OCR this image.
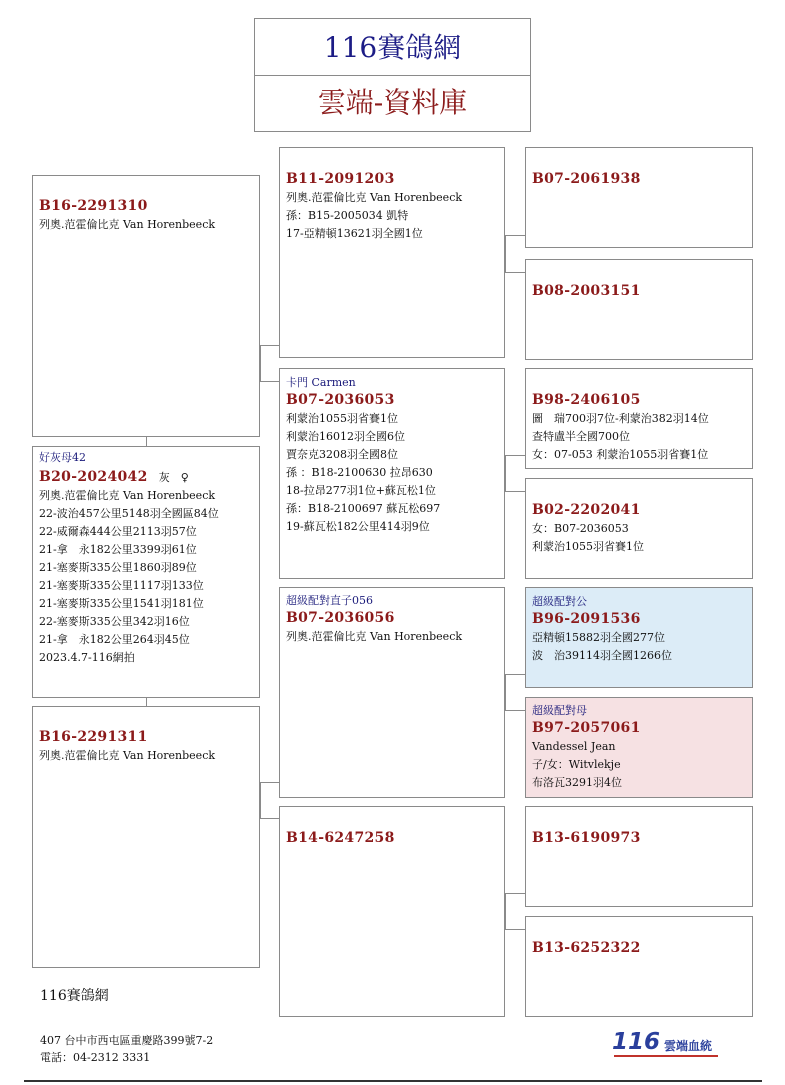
116賽鴿網
雲端-資料庫
B16-2291310
列奧.范霍倫比克 Van Horenbeeck
好灰母42
B20-2024042 灰　♀
列奧.范霍倫比克 Van Horenbeeck
22-波治457公里5148羽全國區84位
22-威爾森444公里2113羽57位
21-拿　永182公里3399羽61位
21-塞麥斯335公里1860羽89位
21-塞麥斯335公里1117羽133位
21-塞麥斯335公里1541羽181位
22-塞麥斯335公里342羽16位
21-拿　永182公里264羽45位
2023.4.7-116網拍
B16-2291311
列奧.范霍倫比克 Van Horenbeeck
B11-2091203
列奧.范霍倫比克 Van Horenbeeck
孫：B15-2005034 凱特
17-亞精頓13621羽全國1位
卡門 Carmen
B07-2036053
利蒙治1055羽省賽1位
利蒙治16012羽全國6位
賈奈克3208羽全國8位
孫 ：B18-2100630 拉昂630
18-拉昂277羽1位+蘇瓦松1位
孫：B18-2100697 蘇瓦松697
19-蘇瓦松182公里414羽9位
超級配對直子056
B07-2036056
列奧.范霍倫比克 Van Horenbeeck
B14-6247258
B07-2061938
B08-2003151
B98-2406105
圖　瑞700羽7位-利蒙治382羽14位
查特盧半全國700位
女：07-053 利蒙治1055羽省賽1位
B02-2202041
女：B07-2036053
利蒙治1055羽省賽1位
超級配對公
B96-2091536
亞精頓15882羽全國277位
波　治39114羽全國1266位
超級配對母
B97-2057061
Vandessel Jean
子/女：Witvlekje
布洛瓦3291羽4位
B13-6190973
B13-6252322
116賽鴿網
407 台中市西屯區重慶路399號7-2
電話：04-2312 3331
116 雲端血統
